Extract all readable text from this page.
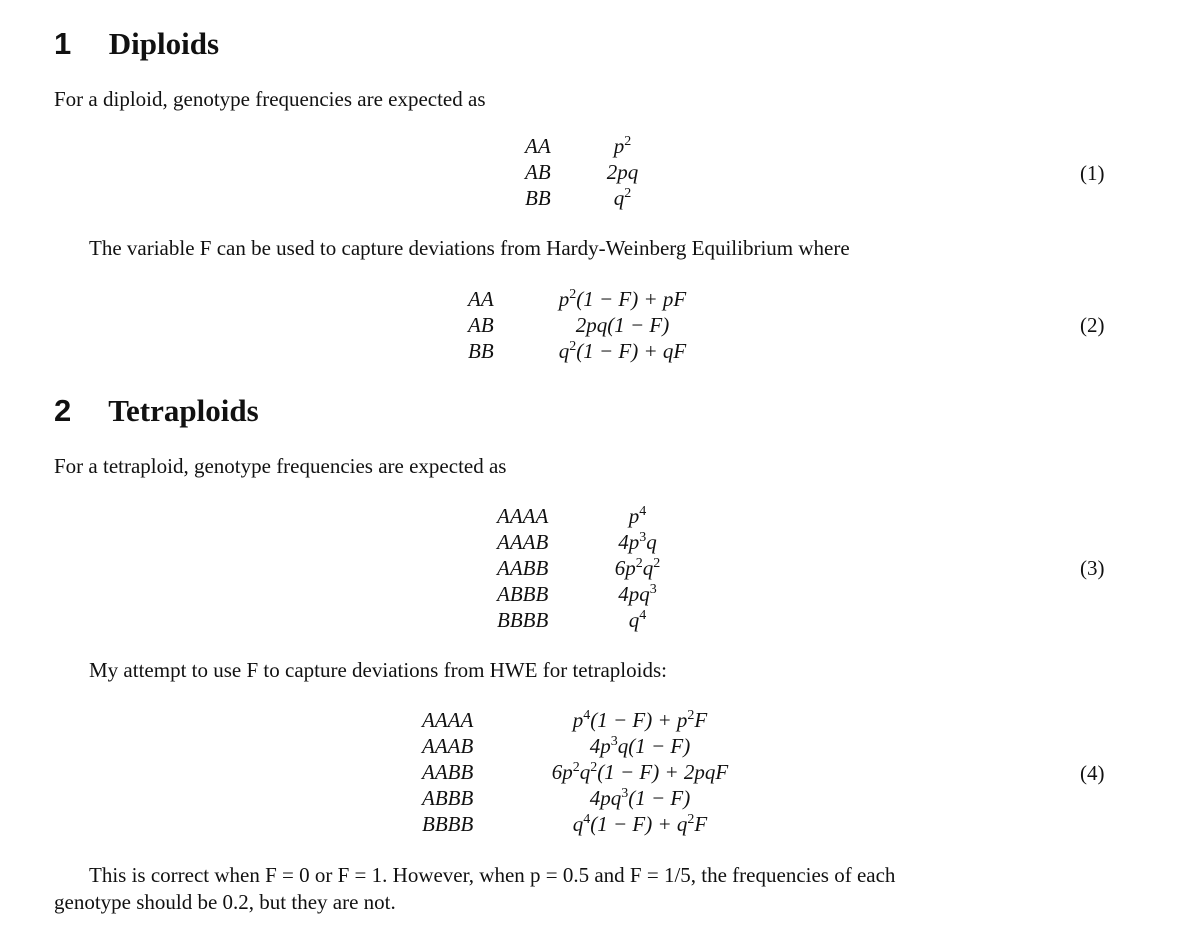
1 Diploids
For a diploid, genotype frequencies are expected as
AA
AB
BB
$p^2$
2pq
$q^2$
(1)
The variable F can be used to capture deviations from Hardy-Weinberg Equilibrium where
AA
AB
BB
$p^2(1 - F)$ + pF
2pq(1 − F)
$q^2(1 - F)$ + qF
(2)
2 Tetraploids
For a tetraploid, genotype frequencies are expected as
AAAA
AAAB
AABB
ABBB
BBBB
$p^4$
$4p^3q$
$6p^2q^2$
$4pq^3$
$q^4$
(3)
My attempt to use F to capture deviations from HWE for tetraploids:
AAAA
AAAB
AABB
ABBB
BBBB
$p^4(1 - F) + p^2F$
$4p^3q(1 - F)$
$6p^2q^2(1 - F) + 2pqF$
$4pq^3(1 - F)$
$q^4(1 - F) + q^2F$
(4)
This is correct when F = 0 or F = 1. However, when p = 0.5 and F = 1/5, the frequencies of each
genotype should be 0.2, but they are not.
